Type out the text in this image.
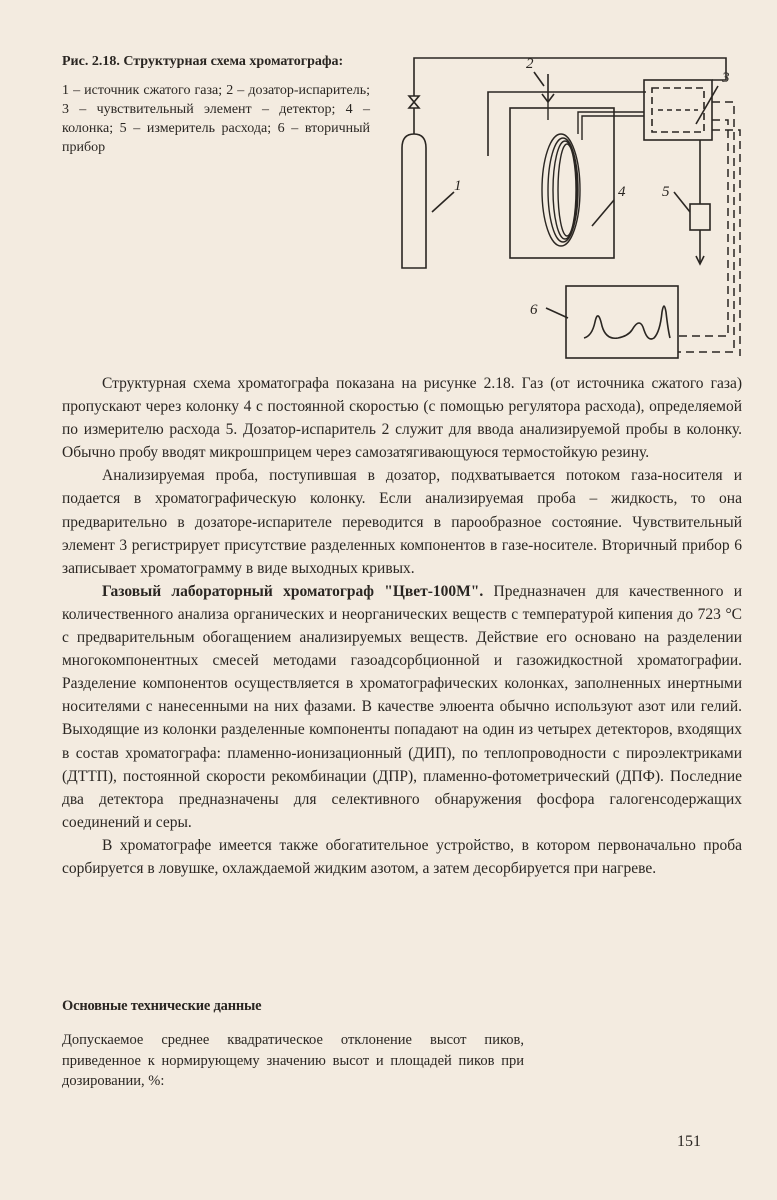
Рис. 2.18. Структурная схема хроматографа:
1 – источник сжатого газа; 2 – дозатор-испаритель; 3 – чувствительный элемент – детектор; 4 – колонка; 5 – измеритель расхода; 6 – вторичный прибор
1
2
3
4 5
6

Структурная схема хроматографа показана на рисунке 2.18. Газ (от источника сжатого газа) пропускают через колонку 4 с постоянной скоростью (с помощью регулятора расхода), определяемой по измерителю расхода 5. Дозатор-испаритель 2 служит для ввода анализируемой пробы в колонку. Обычно пробу вводят микрошприцем через самозатягивающуюся термостойкую резину.

Анализируемая проба, поступившая в дозатор, подхватывается потоком газа-носителя и подается в хроматографическую колонку. Если анализируемая проба – жидкость, то она предварительно в дозаторе-испарителе переводится в парообразное состояние. Чувствительный элемент 3 регистрирует присутствие разделенных компонентов в газе-носителе. Вторичный прибор 6 записывает хроматограмму в виде выходных кривых.

Газовый лабораторный хроматограф "Цвет-100М". Предназначен для качественного и количественного анализа органических и неорганических веществ с температурой кипения до 723 °С с предварительным обогащением анализируемых веществ. Действие его основано на разделении многокомпонентных смесей методами газоадсорбционной и газожидкостной хроматографии. Разделение компонентов осуществляется в хроматографических колонках, заполненных инертными носителями с нанесенными на них фазами. В качестве элюента обычно используют азот или гелий. Выходящие из колонки разделенные компоненты попадают на один из четырех детекторов, входящих в состав хроматографа: пламенно-ионизационный (ДИП), по теплопроводности с пироэлектриками (ДТТП), постоянной скорости рекомбинации (ДПР), пламенно-фотометрический (ДПФ). Последние два детектора предназначены для селективного обнаружения фосфора галогенсодержащих соединений и серы.

В хроматографе имеется также обогатительное устройство, в котором первоначально проба сорбируется в ловушке, охлаждаемой жидким азотом, а затем десорбируется при нагреве.

Основные технические данные
Допускаемое среднее квадратическое отклонение высот пиков, приведенное к нормирующему значению высот и площадей пиков при дозировании, %:
151
